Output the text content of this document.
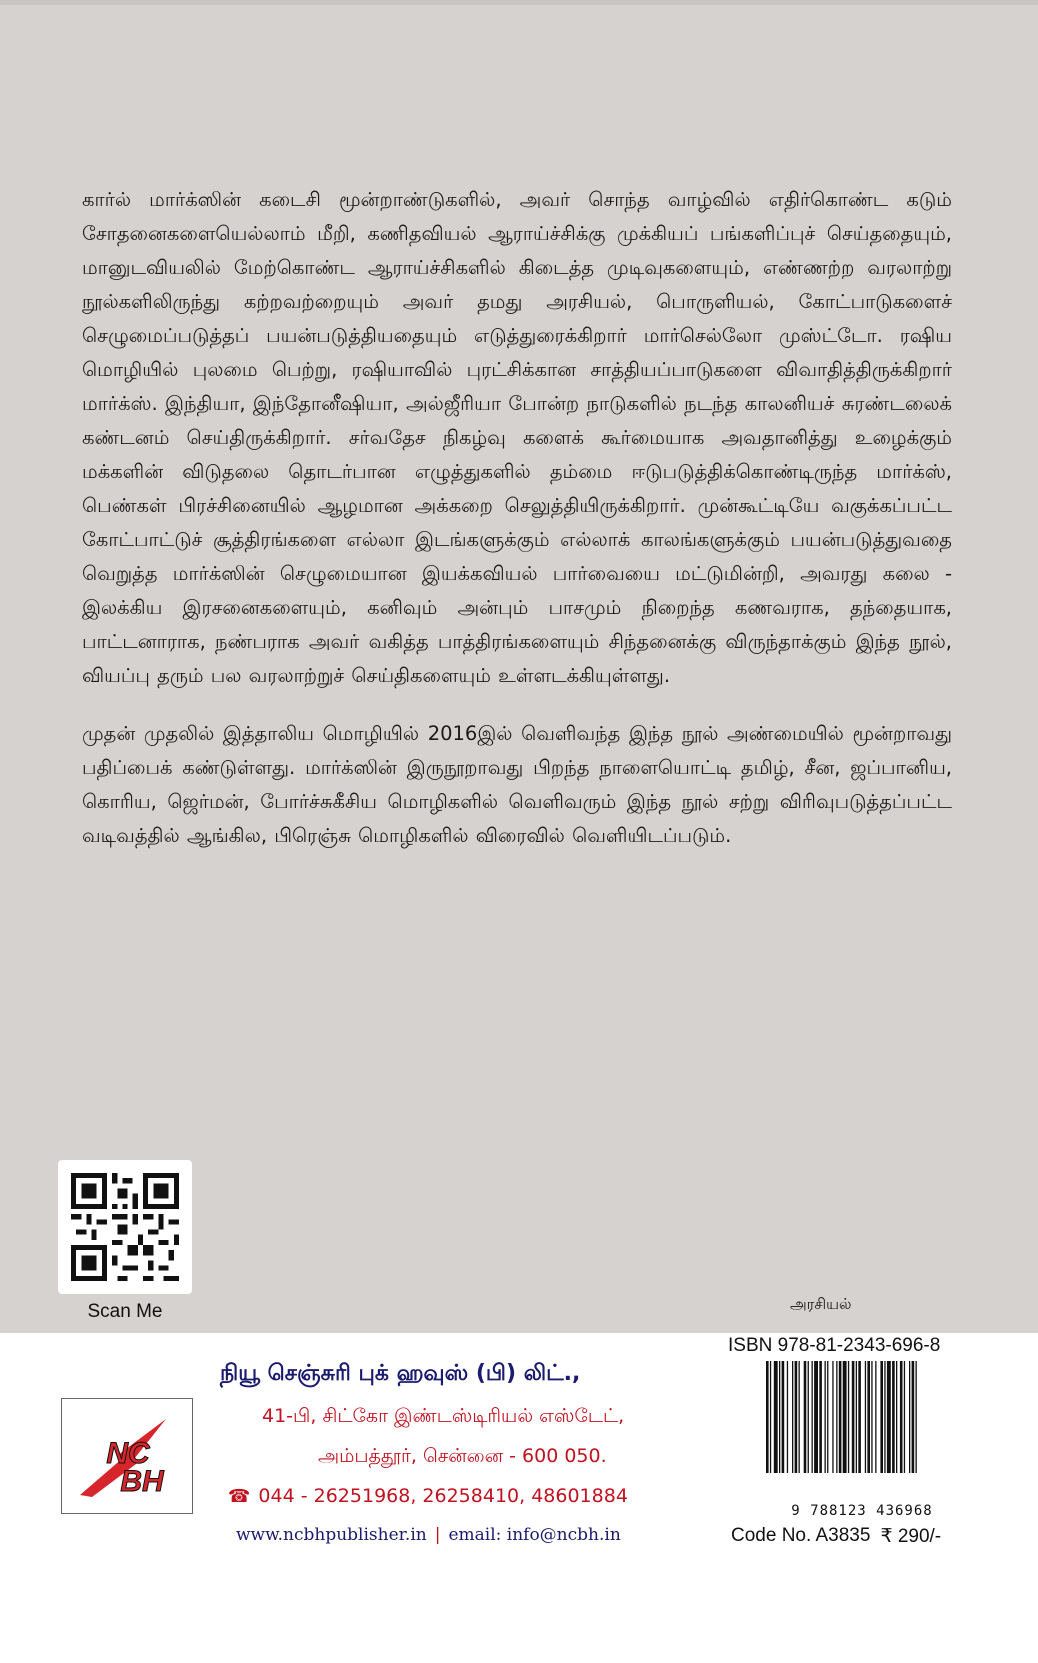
கார்ல் மார்க்ஸின் கடைசி மூன்றாண்டுகளில், அவர் சொந்த வாழ்வில் எதிர்கொண்ட கடும் சோதனைகளையெல்லாம் மீறி, கணிதவியல் ஆராய்ச்சிக்கு முக்கியப் பங்களிப்புச் செய்ததையும், மானுடவியலில் மேற்கொண்ட ஆராய்ச்சிகளில் கிடைத்த முடிவுகளையும், எண்ணற்ற வரலாற்று நூல்களிலிருந்து கற்றவற்றையும் அவர் தமது அரசியல், பொருளியல், கோட்பாடுகளைச் செழுமைப்படுத்தப் பயன்படுத்தியதையும் எடுத்துரைக்கிறார் மார்செல்லோ முஸ்ட்டோ. ரஷிய மொழியில் புலமை பெற்று, ரஷியாவில் புரட்சிக்கான சாத்தியப்பாடுகளை விவாதித்திருக்கிறார் மார்க்ஸ். இந்தியா, இந்தோனீஷியா, அல்ஜீரியா போன்ற நாடுகளில் நடந்த காலனியச் சுரண்டலைக் கண்டனம் செய்திருக்கிறார். சர்வதேச நிகழ்வு களைக் கூர்மையாக அவதானித்து உழைக்கும் மக்களின் விடுதலை தொடர்பான எழுத்துகளில் தம்மை ஈடுபடுத்திக்கொண்டிருந்த மார்க்ஸ், பெண்கள் பிரச்சினையில் ஆழமான அக்கறை செலுத்தியிருக்கிறார். முன்கூட்டியே வகுக்கப்பட்ட கோட்பாட்டுச் சூத்திரங்களை எல்லா இடங்களுக்கும் எல்லாக் காலங்களுக்கும் பயன்படுத்துவதை வெறுத்த மார்க்ஸின் செழுமையான இயக்கவியல் பார்வையை மட்டுமின்றி, அவரது கலை - இலக்கிய இரசனைகளையும், கனிவும் அன்பும் பாசமும் நிறைந்த கணவராக, தந்தையாக, பாட்டனாராக, நண்பராக அவர் வகித்த பாத்திரங்களையும் சிந்தனைக்கு விருந்தாக்கும் இந்த நூல், வியப்பு தரும் பல வரலாற்றுச் செய்திகளையும் உள்ளடக்கியுள்ளது.

முதன் முதலில் இத்தாலிய மொழியில் 2016இல் வெளிவந்த இந்த நூல் அண்மையில் மூன்றாவது பதிப்பைக் கண்டுள்ளது. மார்க்ஸின் இருநூறாவது பிறந்த நாளையொட்டி தமிழ், சீன, ஜப்பானிய, கொரிய, ஜெர்மன், போர்ச்சுகீசிய மொழிகளில் வெளிவரும் இந்த நூல் சற்று விரிவுபடுத்தப்பட்ட வடிவத்தில் ஆங்கில, பிரெஞ்சு மொழிகளில் விரைவில் வெளியிடப்படும்.

Scan Me	அரசியல்
NC
BH
நியூ செஞ்சுரி புக் ஹவுஸ் (பி) லிட்.,
41-பி, சிட்கோ இண்டஸ்டிரியல் எஸ்டேட்,
அம்பத்தூர், சென்னை - 600 050.
☎ 044 - 26251968, 26258410, 48601884
www.ncbhpublisher.in | email: info@ncbh.in
ISBN 978-81-2343-696-8
9 788123 436968
Code No. A3835 ₹ 290/-
